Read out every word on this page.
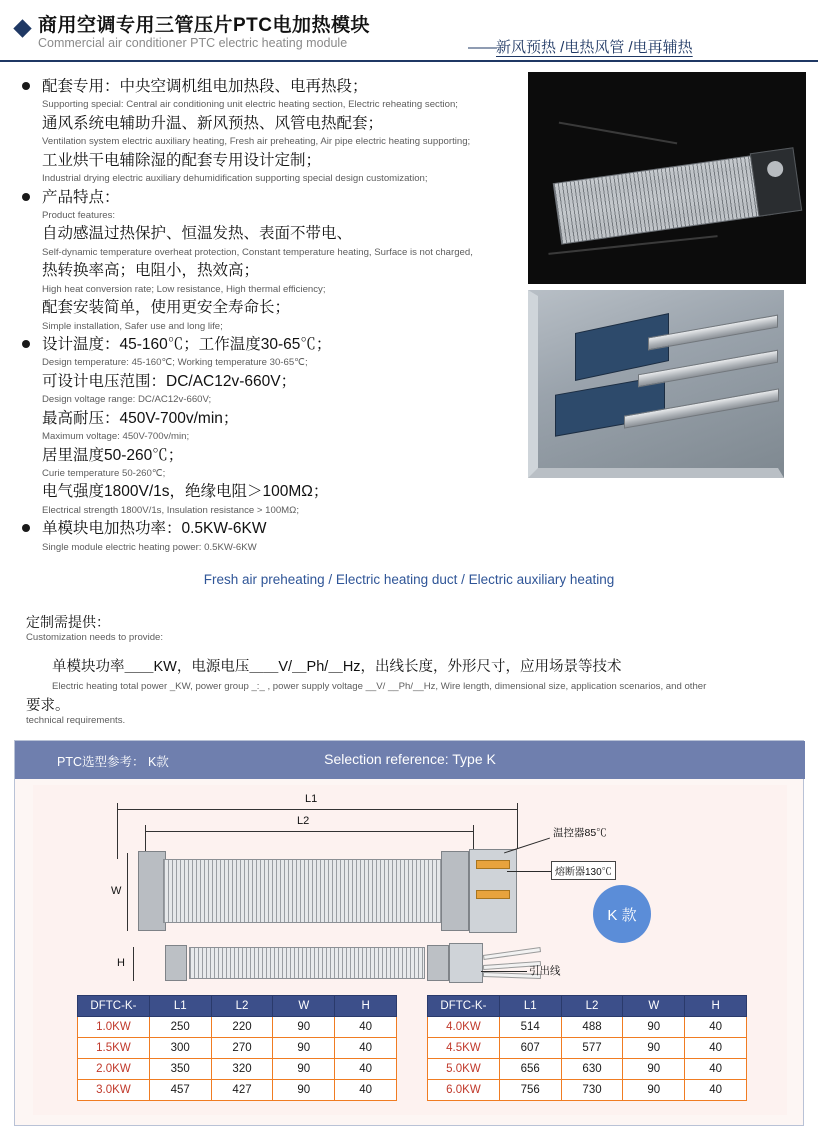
商用空调专用三管压片PTC电加热模块
Commercial air conditioner PTC electric heating module	——新风预热 /电热风管 /电再辅热
配套专用：中央空调机组电加热段、电再热段；
Supporting special: Central air conditioning unit electric heating section, Electric reheating section;
通风系统电辅助升温、新风预热、风管电热配套；
Ventilation system electric auxiliary heating, Fresh air preheating, Air pipe electric heating supporting;
工业烘干电辅除湿的配套专用设计定制；
Industrial drying electric auxiliary dehumidification supporting special design customization;
产品特点：
Product features:
自动感温过热保护、恒温发热、表面不带电、
Self-dynamic temperature overheat protection, Constant temperature heating, Surface is not charged,
热转换率高；电阻小，热效高；
High heat conversion rate; Low resistance, High thermal efficiency;
配套安装简单，使用更安全寿命长；
Simple installation, Safer use and long life;
设计温度：45-160℃；工作温度30-65℃；
Design temperature: 45-160℃; Working temperature 30-65℃;
可设计电压范围：DC/AC12v-660V；
Design voltage range: DC/AC12v-660V;
最高耐压：450V-700v/min；
Maximum voltage: 450V-700v/min;
居里温度50-260℃；
Curie temperature 50-260℃;
电气强度1800V/1s，绝缘电阻＞100MΩ；
Electrical strength 1800V/1s, Insulation resistance > 100MΩ;
单模块电加热功率：0.5KW-6KW
Single module electric heating power: 0.5KW-6KW
Fresh air preheating / Electric heating duct / Electric auxiliary heating
定制需提供：
Customization needs to provide:
单模块功率＿＿KW，电源电压＿＿V/＿Ph/＿Hz，出线长度，外形尺寸，应用场景等技术
Electric heating total power _KW, power group _:_ , power supply voltage __V/ __Ph/__Hz, Wire length, dimensional size, application scenarios, and other
要求。
technical requirements.
PTC选型参考： K款	Selection reference: Type K
L1
L2
W
温控器85℃
熔断器130℃
K 款
H
引出线
DFTC-K-	L1	L2	W	H
1.0KW	250	220	90	40
1.5KW	300	270	90	40
2.0KW	350	320	90	40
3.0KW	457	427	90	40
DFTC-K-	L1	L2	W	H
4.0KW	514	488	90	40
4.5KW	607	577	90	40
5.0KW	656	630	90	40
6.0KW	756	730	90	40
